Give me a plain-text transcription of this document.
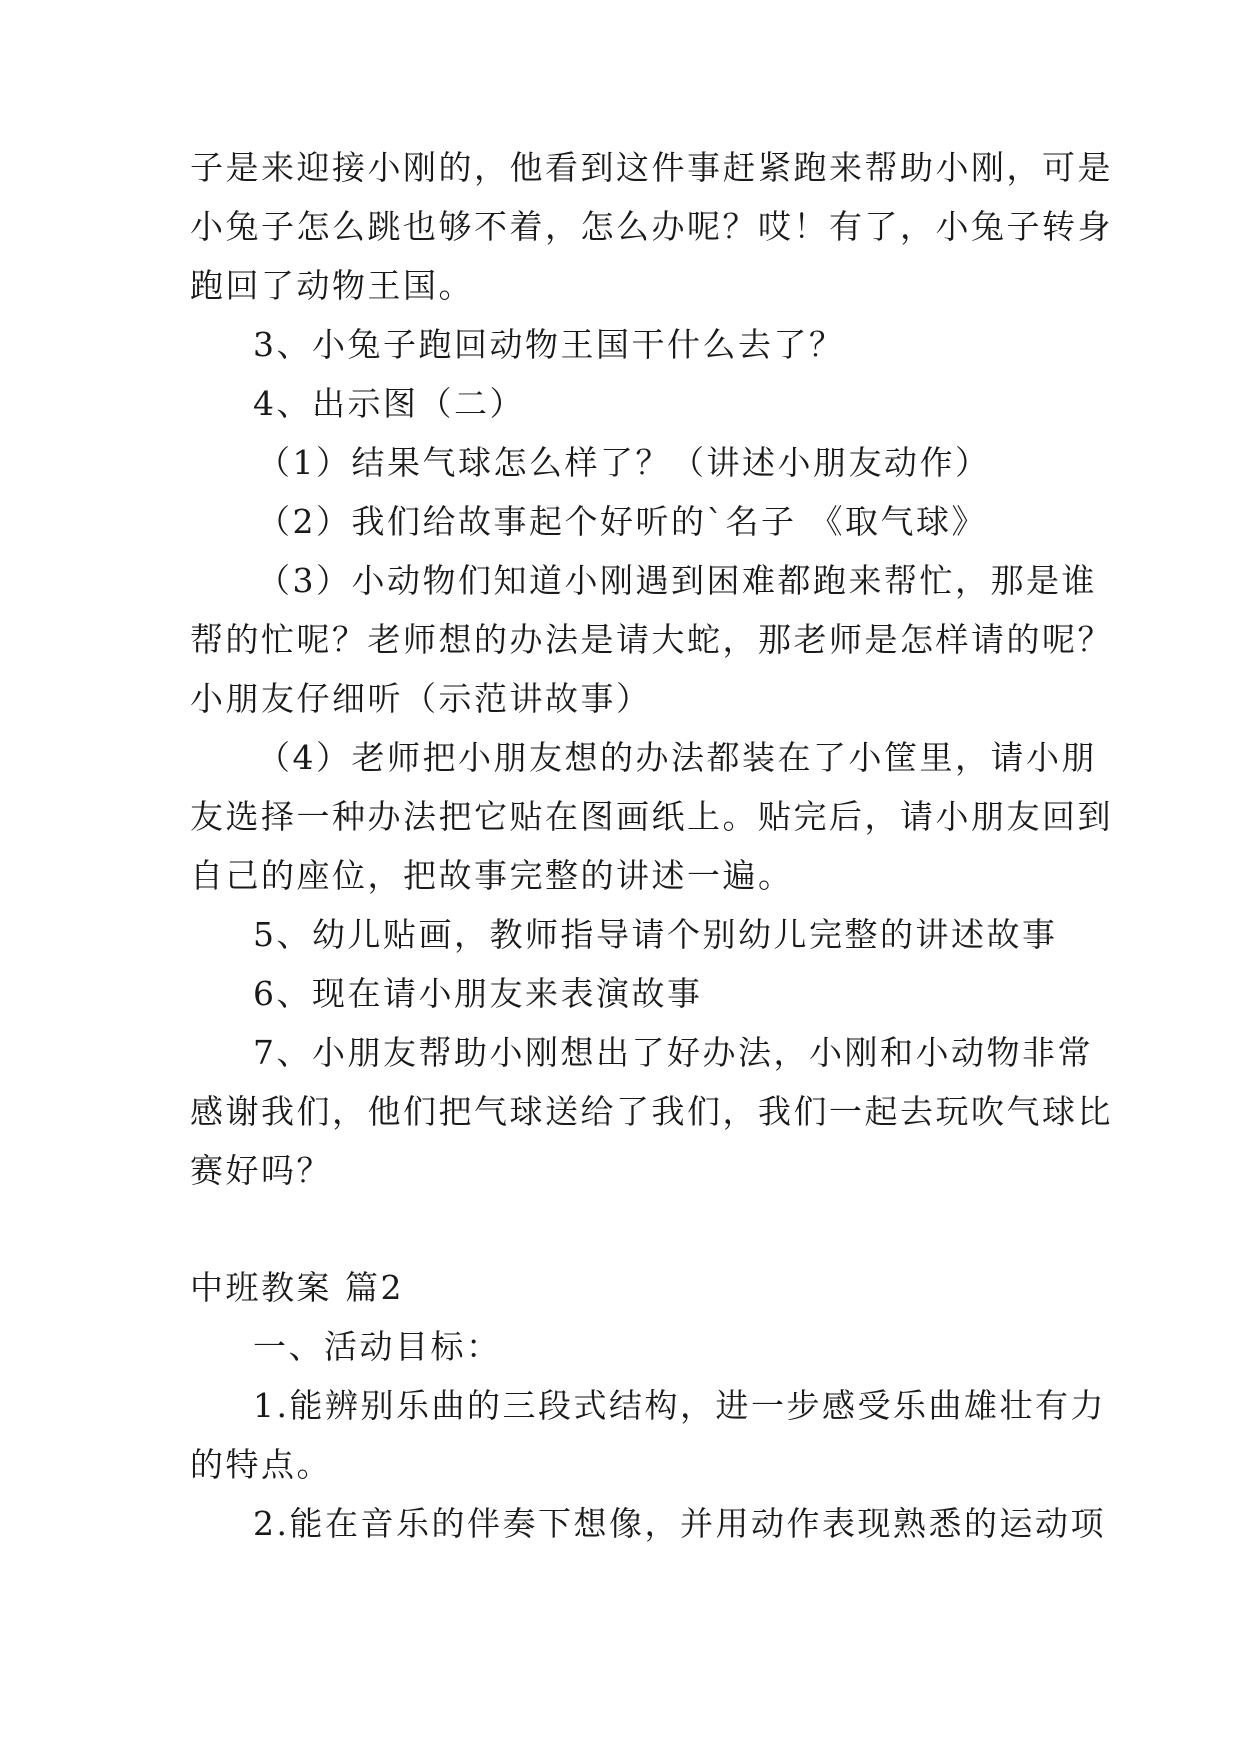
子是来迎接小刚的，他看到这件事赶紧跑来帮助小刚，可是
小兔子怎么跳也够不着，怎么办呢？哎！有了，小兔子转身
跑回了动物王国。
3、小兔子跑回动物王国干什么去了？
4、出示图（二）
（1）结果气球怎么样了？（讲述小朋友动作）
（2）我们给故事起个好听的`名子 《取气球》
（3）小动物们知道小刚遇到困难都跑来帮忙，那是谁
帮的忙呢？老师想的办法是请大蛇，那老师是怎样请的呢？
小朋友仔细听（示范讲故事）
（4）老师把小朋友想的办法都装在了小筐里，请小朋
友选择一种办法把它贴在图画纸上。贴完后，请小朋友回到
自己的座位，把故事完整的讲述一遍。
5、幼儿贴画，教师指导请个别幼儿完整的讲述故事
6、现在请小朋友来表演故事
7、小朋友帮助小刚想出了好办法，小刚和小动物非常
感谢我们，他们把气球送给了我们，我们一起去玩吹气球比
赛好吗？
中班教案 篇2
一、活动目标：
1.能辨别乐曲的三段式结构，进一步感受乐曲雄壮有力
的特点。
2.能在音乐的伴奏下想像，并用动作表现熟悉的运动项
